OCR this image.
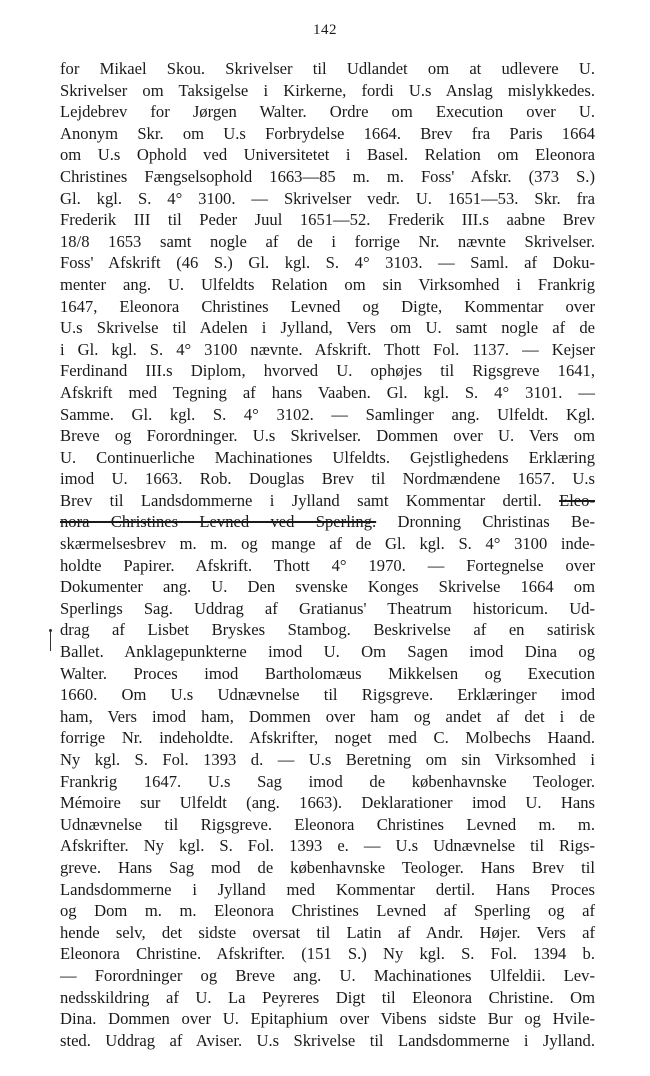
142
for Mikael Skou. Skrivelser til Udlandet om at udlevere U.
Skrivelser om Taksigelse i Kirkerne, fordi U.s Anslag mislykkedes.
Lejdebrev for Jørgen Walter. Ordre om Execution over U.
Anonym Skr. om U.s Forbrydelse 1664. Brev fra Paris 1664
om U.s Ophold ved Universitetet i Basel. Relation om Eleonora
Christines Fængselsophold 1663—85 m. m. Foss' Afskr. (373 S.)
Gl. kgl. S. 4° 3100. — Skrivelser vedr. U. 1651—53. Skr. fra
Frederik III til Peder Juul 1651—52. Frederik III.s aabne Brev
18/8 1653 samt nogle af de i forrige Nr. nævnte Skrivelser.
Foss' Afskrift (46 S.) Gl. kgl. S. 4° 3103. — Saml. af Doku-
menter ang. U. Ulfeldts Relation om sin Virksomhed i Frankrig
1647, Eleonora Christines Levned og Digte, Kommentar over
U.s Skrivelse til Adelen i Jylland, Vers om U. samt nogle af de
i Gl. kgl. S. 4° 3100 nævnte. Afskrift. Thott Fol. 1137. — Kejser
Ferdinand III.s Diplom, hvorved U. ophøjes til Rigsgreve 1641,
Afskrift med Tegning af hans Vaaben. Gl. kgl. S. 4° 3101. —
Samme. Gl. kgl. S. 4° 3102. — Samlinger ang. Ulfeldt. Kgl.
Breve og Forordninger. U.s Skrivelser. Dommen over U. Vers om
U. Continuerliche Machinationes Ulfeldts. Gejstlighedens Erklæring
imod U. 1663. Rob. Douglas Brev til Nordmændene 1657. U.s
Brev til Landsdommerne i Jylland samt Kommentar dertil. Eleo-
nora Christines Levned ved Sperling. Dronning Christinas Be-
skærmelsesbrev m. m. og mange af de Gl. kgl. S. 4° 3100 inde-
holdte Papirer. Afskrift. Thott 4° 1970. — Fortegnelse over
Dokumenter ang. U. Den svenske Konges Skrivelse 1664 om
Sperlings Sag. Uddrag af Gratianus' Theatrum historicum. Ud-
drag af Lisbet Bryskes Stambog. Beskrivelse af en satirisk
Ballet. Anklagepunkterne imod U. Om Sagen imod Dina og
Walter. Proces imod Bartholomæus Mikkelsen og Execution
1660. Om U.s Udnævnelse til Rigsgreve. Erklæringer imod
ham, Vers imod ham, Dommen over ham og andet af det i de
forrige Nr. indeholdte. Afskrifter, noget med C. Molbechs Haand.
Ny kgl. S. Fol. 1393 d. — U.s Beretning om sin Virksomhed i
Frankrig 1647. U.s Sag imod de københavnske Teologer.
Mémoire sur Ulfeldt (ang. 1663). Deklarationer imod U. Hans
Udnævnelse til Rigsgreve. Eleonora Christines Levned m. m.
Afskrifter. Ny kgl. S. Fol. 1393 e. — U.s Udnævnelse til Rigs-
greve. Hans Sag mod de københavnske Teologer. Hans Brev til
Landsdommerne i Jylland med Kommentar dertil. Hans Proces
og Dom m. m. Eleonora Christines Levned af Sperling og af
hende selv, det sidste oversat til Latin af Andr. Højer. Vers af
Eleonora Christine. Afskrifter. (151 S.) Ny kgl. S. Fol. 1394 b.
— Forordninger og Breve ang. U. Machinationes Ulfeldii. Lev-
nedsskildring af U. La Peyreres Digt til Eleonora Christine. Om
Dina. Dommen over U. Epitaphium over Vibens sidste Bur og Hvile-
sted. Uddrag af Aviser. U.s Skrivelse til Landsdommerne i Jylland.
